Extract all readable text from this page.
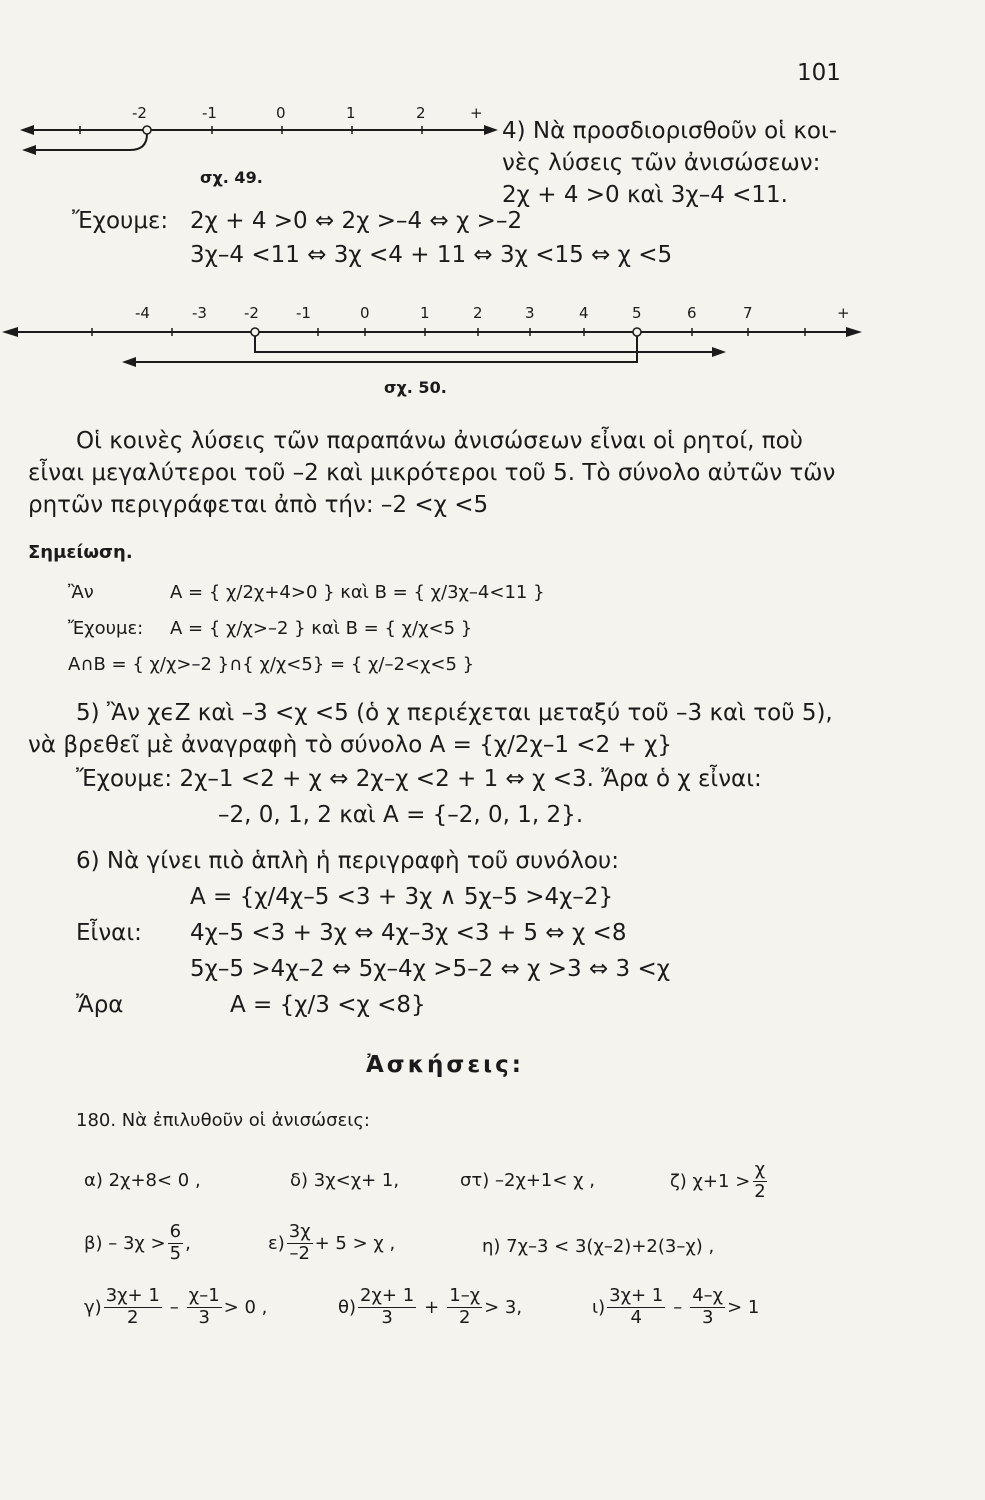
101
-2	-1	0	1	2	+
σχ. 49.
4) Νὰ προσδιορισθοῦν οἱ κοι-
νὲς λύσεις τῶν ἀνισώσεων:
2χ + 4 >0 καὶ 3χ–4 <11.
Ἔχουμε: 2χ + 4 >0 ⇔ 2χ >–4 ⇔ χ >–2
3χ–4 <11 ⇔ 3χ <4 + 11 ⇔ 3χ <15 ⇔ χ <5
-4	-3 -2 -1	0	1	2	3	4	5	6	7	+
σχ. 50.
Οἱ κοινὲς λύσεις τῶν παραπάνω ἀνισώσεων εἶναι οἱ ρητοί, ποὺ
εἶναι μεγαλύτεροι τοῦ –2 καὶ μικρότεροι τοῦ 5. Τὸ σύνολο αὐτῶν τῶν
ρητῶν περιγράφεται ἀπὸ τήν: –2 <χ <5
Σημείωση.
Ἂν	A = { χ/2χ+4>0 } καὶ B = { χ/3χ–4<11 }
Ἔχουμε: A = { χ/χ>–2 } καὶ B = { χ/χ<5 }
A∩B = { χ/χ>–2 }∩{ χ/χ<5} = { χ/–2<χ<5 }
5) Ἂν χϵZ καὶ –3 <χ <5 (ὁ χ περιέχεται μεταξύ τοῦ –3 καὶ τοῦ 5),
νὰ βρεθεῖ μὲ ἀναγραφὴ τὸ σύνολο A = {χ/2χ–1 <2 + χ}
Ἔχουμε: 2χ–1 <2 + χ ⇔ 2χ–χ <2 + 1 ⇔ χ <3. Ἄρα ὁ χ εἶναι:
–2, 0, 1, 2 καὶ A = {–2, 0, 1, 2}.
6) Νὰ γίνει πιὸ ἁπλὴ ἡ περιγραφὴ τοῦ συνόλου:
A = {χ/4χ–5 <3 + 3χ ∧ 5χ–5 >4χ–2}
Εἶναι: 4χ–5 <3 + 3χ ⇔ 4χ–3χ <3 + 5 ⇔ χ <8
5χ–5 >4χ–2 ⇔ 5χ–4χ >5–2 ⇔ χ >3 ⇔ 3 <χ
Ἄρα	A = {χ/3 <χ <8}
Ἀσκήσεις:
180. Νὰ ἐπιλυθοῦν οἱ ἀνισώσεις:
α) 2χ+8< 0 ,	δ) 3χ<χ+ 1,	στ) –2χ+1< χ ,	ζ) $\chi+1 > \frac{\chi}{2}$
$\beta) - 3\chi > \frac{6}{5}$ ,	$\varepsilon) \frac{3\chi}{-2} + 5 > \chi$ ,	η) 7χ–3 < 3(χ–2)+2(3–χ) ,
$\gamma) \frac{3\chi+ 1}{2} - \frac{\chi-1}{3} > 0$ ,	$\theta) \frac{2\chi+ 1}{3} + \frac{1-\chi}{2} > 3$,	$\iota) \frac{3\chi+ 1}{4} - \frac{4-\chi}{3} > 1$
